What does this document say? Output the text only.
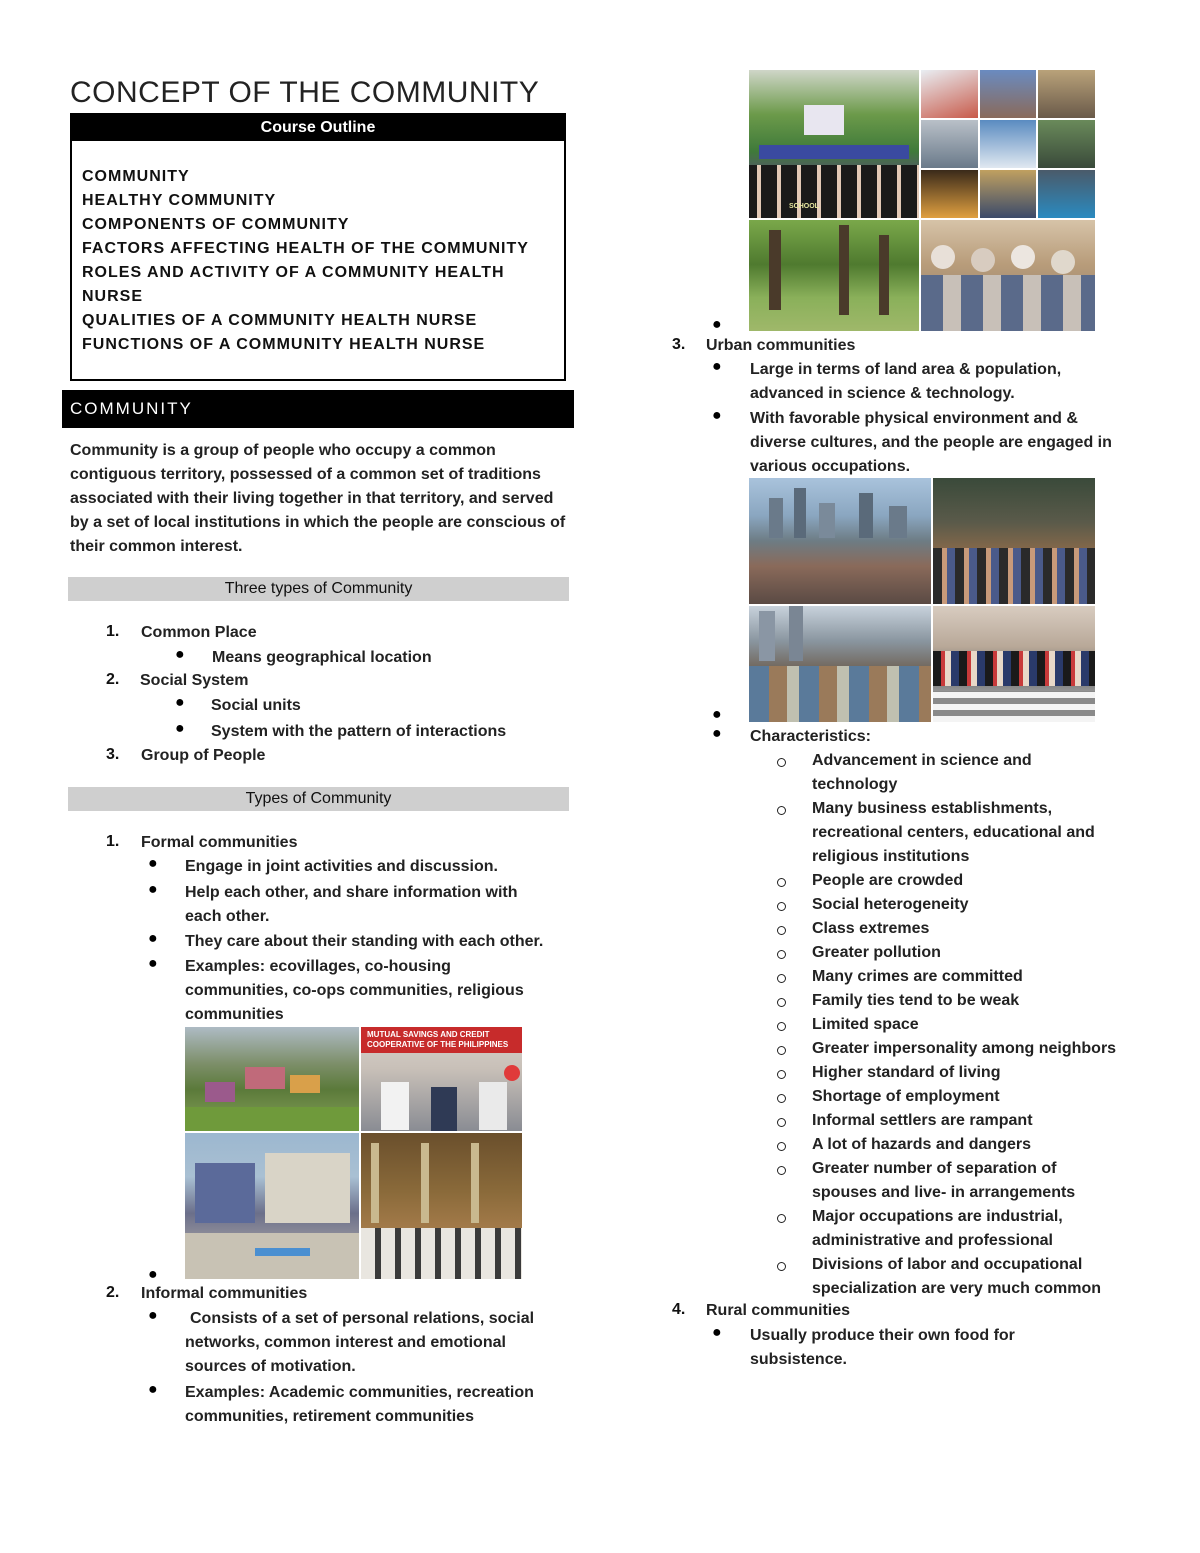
CONCEPT OF THE COMMUNITY
Course Outline
COMMUNITY
HEALTHY COMMUNITY
COMPONENTS OF COMMUNITY
FACTORS AFFECTING HEALTH OF THE COMMUNITY
ROLES AND ACTIVITY OF A COMMUNITY HEALTH
NURSE
QUALITIES OF A COMMUNITY HEALTH NURSE
FUNCTIONS OF A COMMUNITY HEALTH NURSE
COMMUNITY
Community is a group of people who occupy a common contiguous territory, possessed of a common set of traditions associated with their living together in that territory, and served by a set of local institutions in which the people are conscious of their common interest.
Three types of Community
1. Common Place
● Means geographical location
2. Social System
● Social units
● System with the pattern of interactions
3. Group of People
Types of Community
1. Formal communities
● Engage in joint activities and discussion.
● Help each other, and share information with
each other.
● They care about their standing with each other.
● Examples: ecovillages, co-housing
communities, co-ops communities, religious
communities
MUTUAL SAVINGS AND CREDIT COOPERATIVE OF THE PHILIPPINES
●
2. Informal communities
● Consists of a set of personal relations, social
networks, common interest and emotional
sources of motivation.
● Examples: Academic communities, recreation
communities, retirement communities
SCHOOL
●
3. Urban communities
● Large in terms of land area & population,
advanced in science & technology.
● With favorable physical environment and &
diverse cultures, and the people are engaged in
various occupations.
●
● Characteristics:
Advancement in science and
technology
Many business establishments,
recreational centers, educational and
religious institutions
People are crowded
Social heterogeneity
Class extremes
Greater pollution
Many crimes are committed
Family ties tend to be weak
Limited space
Greater impersonality among neighbors
Higher standard of living
Shortage of employment
Informal settlers are rampant
A lot of hazards and dangers
Greater number of separation of
spouses and live- in arrangements
Major occupations are industrial,
administrative and professional
Divisions of labor and occupational
specialization are very much common
4. Rural communities
● Usually produce their own food for
subsistence.
